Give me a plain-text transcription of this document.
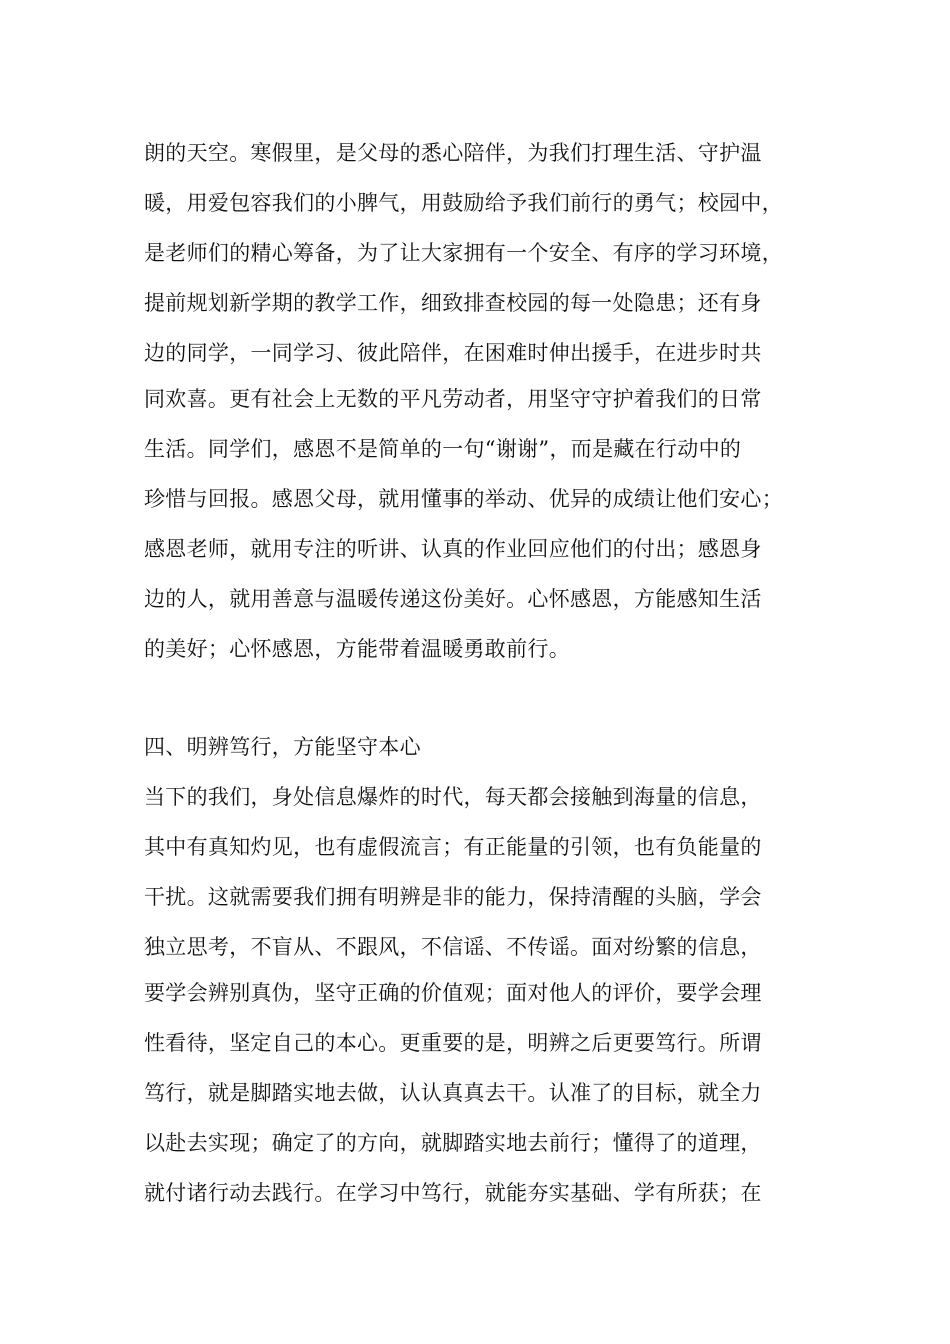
朗的天空。寒假里，是父母的悉心陪伴，为我们打理生活、守护温
暖，用爱包容我们的小脾气，用鼓励给予我们前行的勇气；校园中，
是老师们的精心筹备，为了让大家拥有一个安全、有序的学习环境，
提前规划新学期的教学工作，细致排查校园的每一处隐患；还有身
边的同学，一同学习、彼此陪伴，在困难时伸出援手，在进步时共
同欢喜。更有社会上无数的平凡劳动者，用坚守守护着我们的日常
生活。同学们，感恩不是简单的一句“谢谢”，而是藏在行动中的
珍惜与回报。感恩父母，就用懂事的举动、优异的成绩让他们安心；
感恩老师，就用专注的听讲、认真的作业回应他们的付出；感恩身
边的人，就用善意与温暖传递这份美好。心怀感恩，方能感知生活
的美好；心怀感恩，方能带着温暖勇敢前行。
四、明辨笃行，方能坚守本心
当下的我们，身处信息爆炸的时代，每天都会接触到海量的信息，
其中有真知灼见，也有虚假流言；有正能量的引领，也有负能量的
干扰。这就需要我们拥有明辨是非的能力，保持清醒的头脑，学会
独立思考，不盲从、不跟风，不信谣、不传谣。面对纷繁的信息，
要学会辨别真伪，坚守正确的价值观；面对他人的评价，要学会理
性看待，坚定自己的本心。更重要的是，明辨之后更要笃行。所谓
笃行，就是脚踏实地去做，认认真真去干。认准了的目标，就全力
以赴去实现；确定了的方向，就脚踏实地去前行；懂得了的道理，
就付诸行动去践行。在学习中笃行，就能夯实基础、学有所获；在
